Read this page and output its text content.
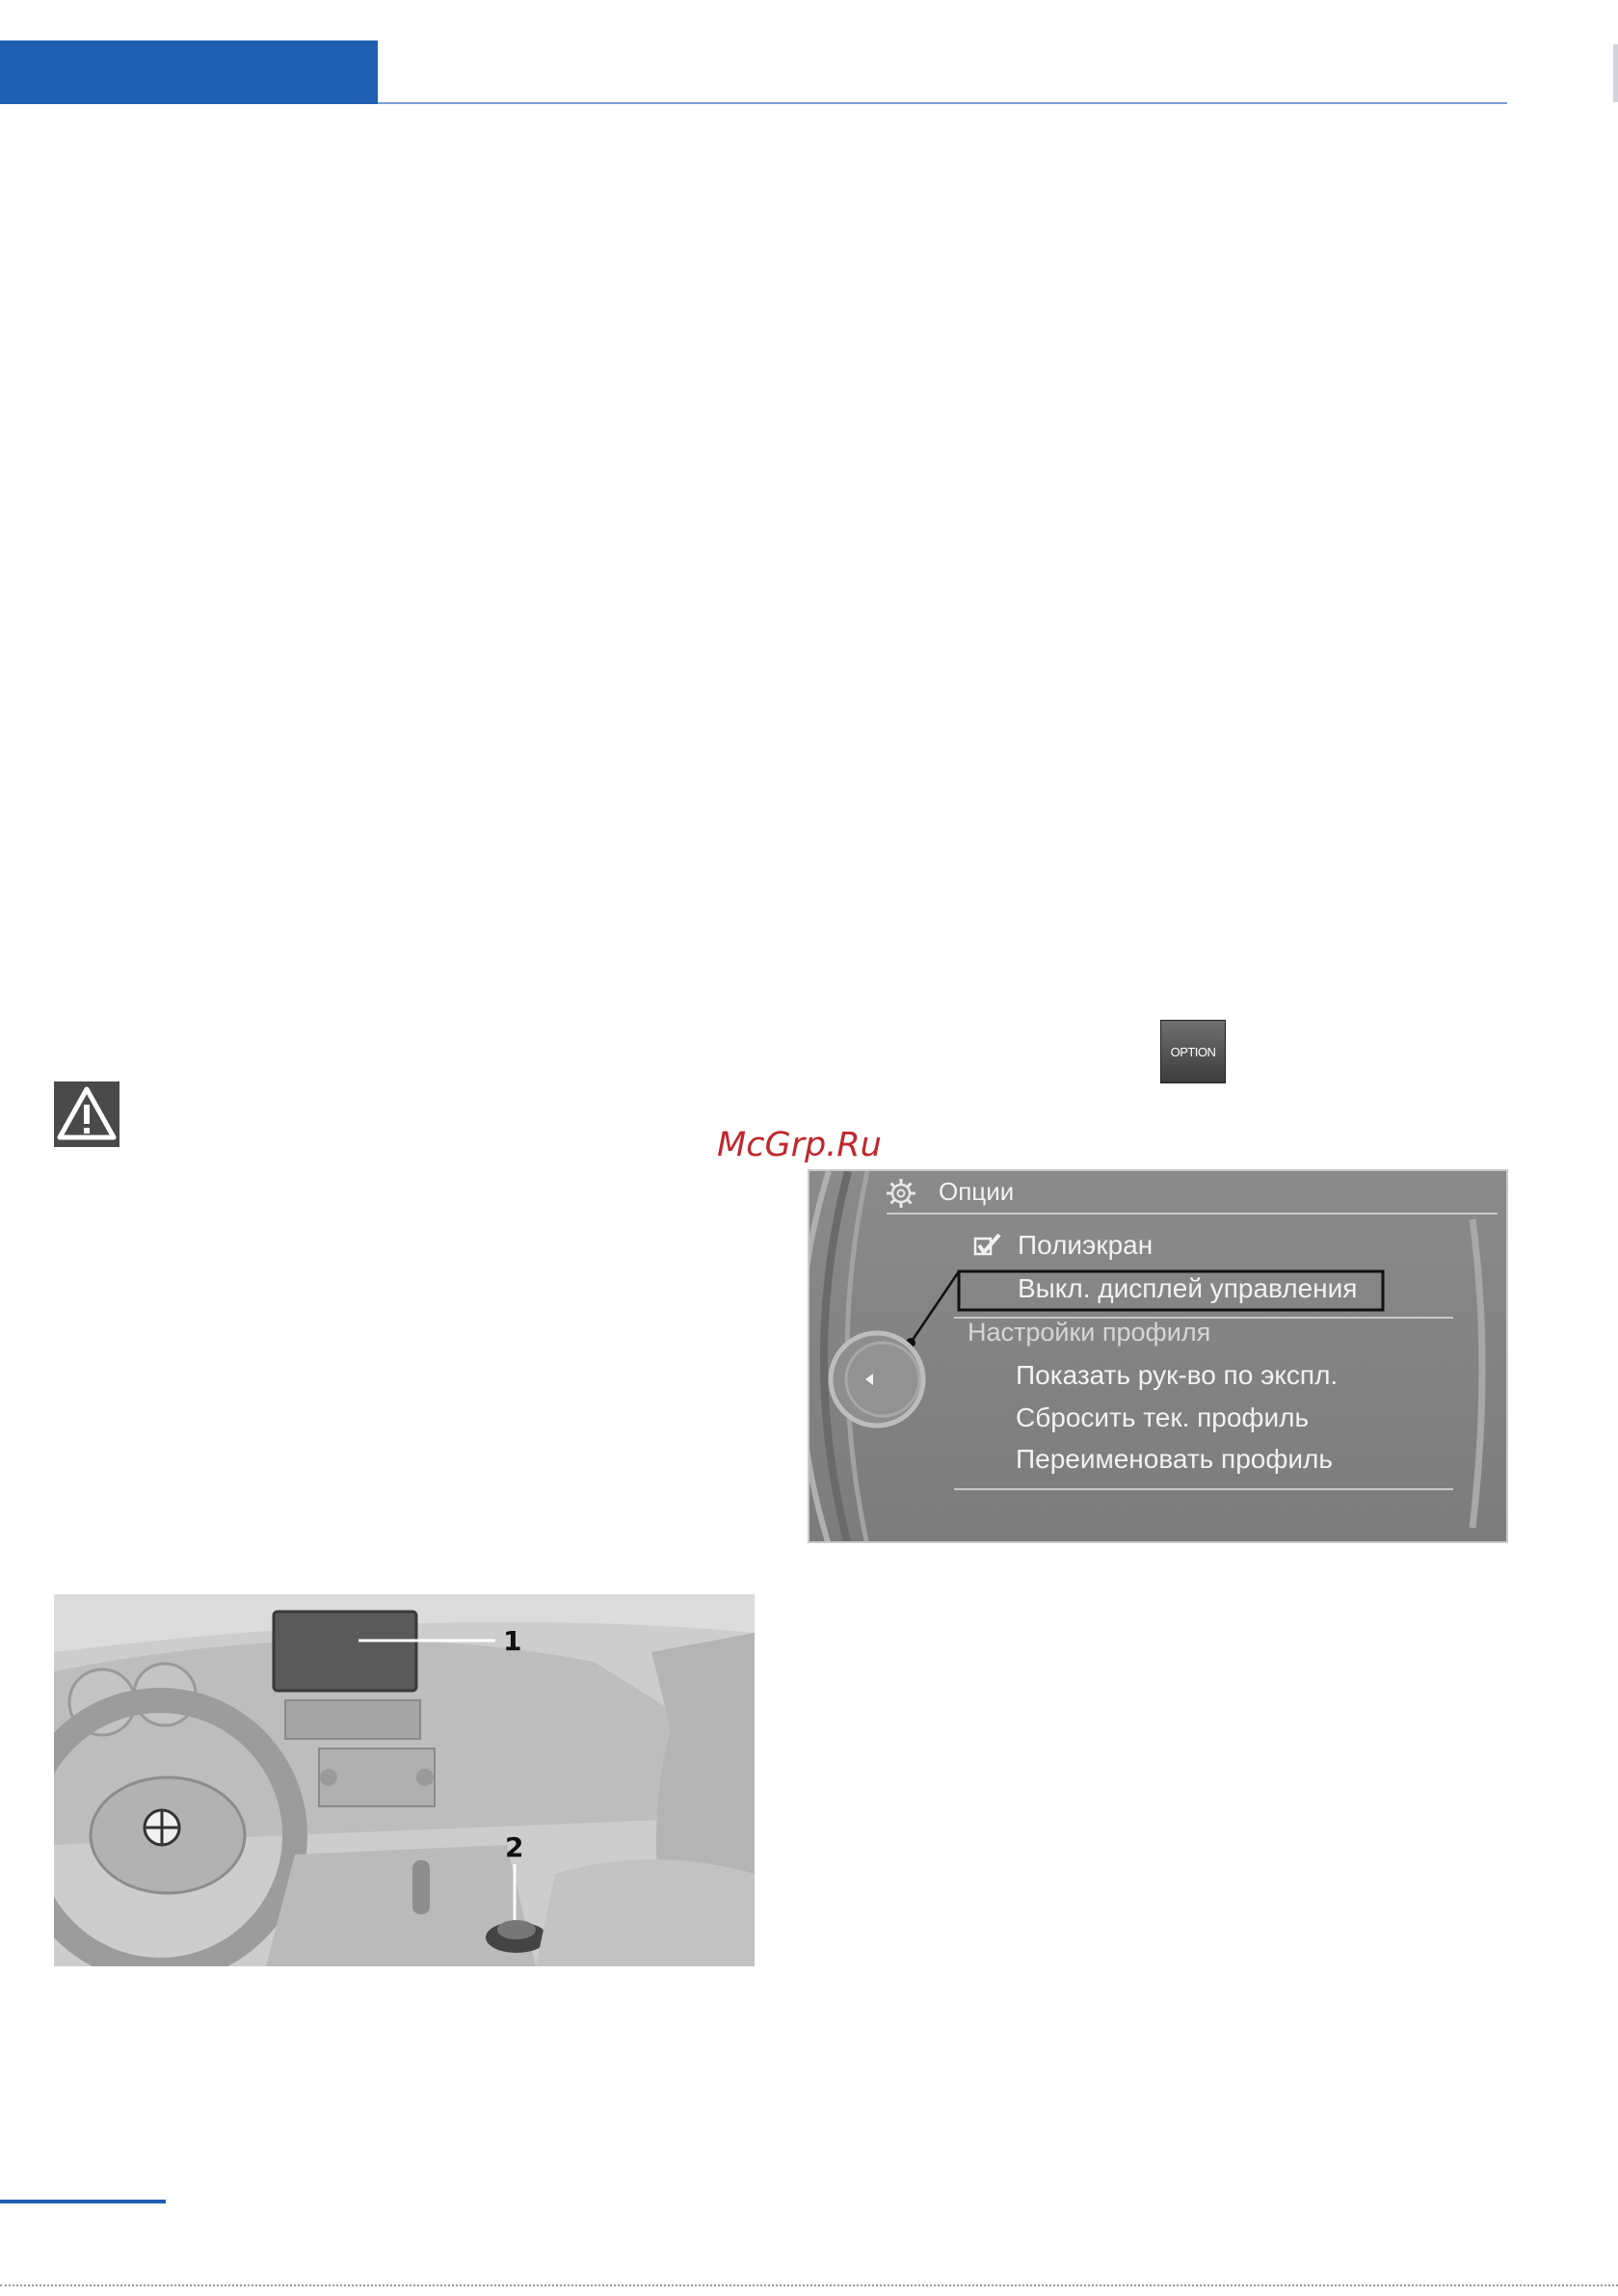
OPTION
McGrp.Ru
Опции
Полиэкран
Выкл. дисплей управления
Настройки профиля
Показать рук-во по экспл.
Сбросить тек. профиль
Переименовать профиль
1
2
